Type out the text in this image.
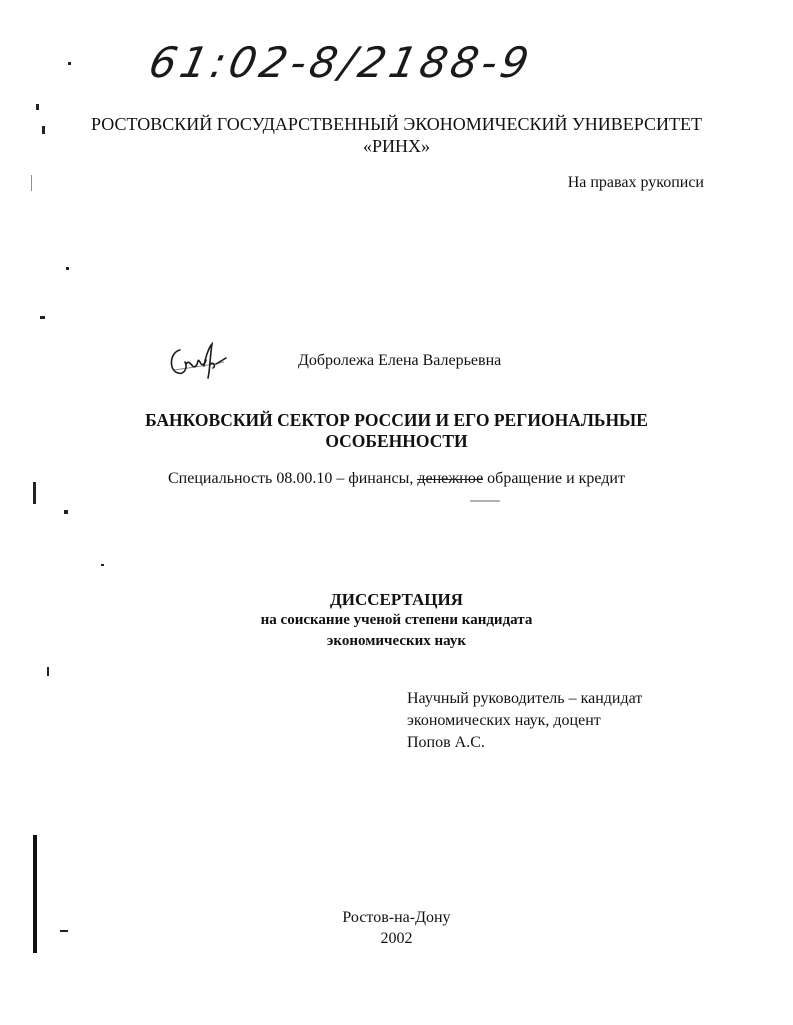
61:02-8/2188-9
РОСТОВСКИЙ ГОСУДАРСТВЕННЫЙ ЭКОНОМИЧЕСКИЙ УНИВЕРСИТЕТ
«РИНХ»
На правах рукописи
Добролежа Елена Валерьевна
БАНКОВСКИЙ СЕКТОР РОССИИ И ЕГО РЕГИОНАЛЬНЫЕ
ОСОБЕННОСТИ
Специальность 08.00.10 – финансы, денежное обращение и кредит
ДИССЕРТАЦИЯ
на соискание ученой степени кандидата
экономических наук
Научный руководитель – кандидат
экономических наук, доцент
Попов А.С.
Ростов-на-Дону
2002
